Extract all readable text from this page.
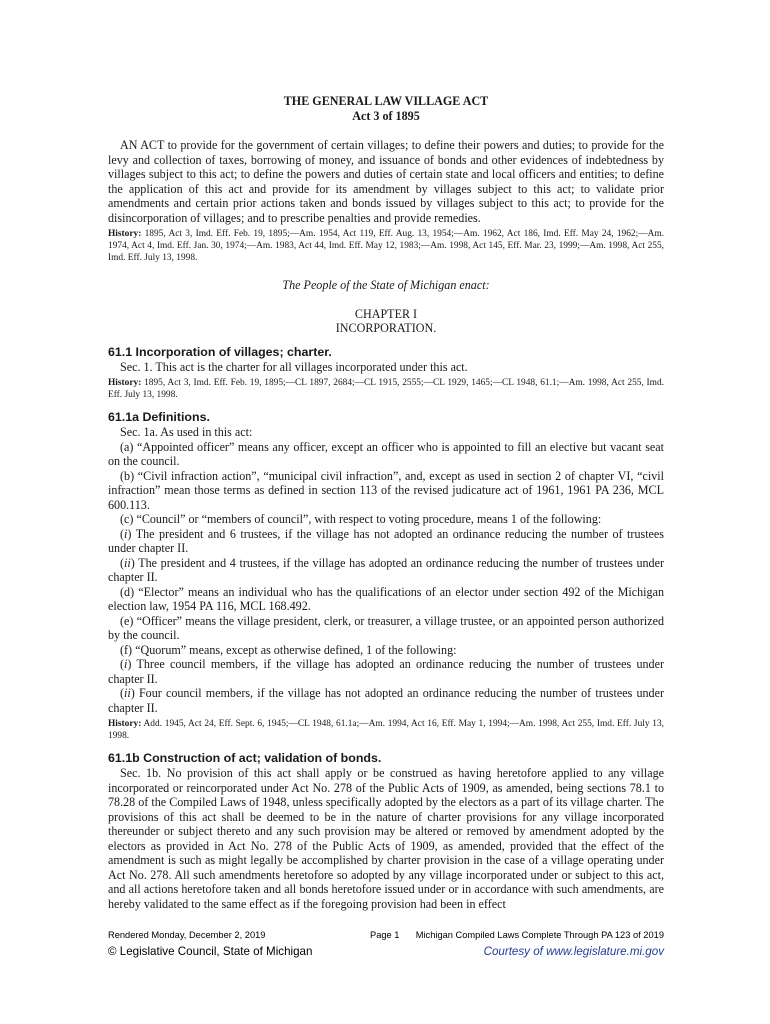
THE GENERAL LAW VILLAGE ACT
Act 3 of 1895

AN ACT to provide for the government of certain villages; to define their powers and duties; to provide for the levy and collection of taxes, borrowing of money, and issuance of bonds and other evidences of indebtedness by villages subject to this act; to define the powers and duties of certain state and local officers and entities; to define the application of this act and provide for its amendment by villages subject to this act; to validate prior amendments and certain prior actions taken and bonds issued by villages subject to this act; to provide for the disincorporation of villages; and to prescribe penalties and provide remedies.

History: 1895, Act 3, Imd. Eff. Feb. 19, 1895;—Am. 1954, Act 119, Eff. Aug. 13, 1954;—Am. 1962, Act 186, Imd. Eff. May 24, 1962;—Am. 1974, Act 4, Imd. Eff. Jan. 30, 1974;—Am. 1983, Act 44, Imd. Eff. May 12, 1983;—Am. 1998, Act 145, Eff. Mar. 23, 1999;—Am. 1998, Act 255, Imd. Eff. July 13, 1998.

The People of the State of Michigan enact:
CHAPTER I
INCORPORATION.
61.1 Incorporation of villages; charter.

Sec. 1. This act is the charter for all villages incorporated under this act.

History: 1895, Act 3, Imd. Eff. Feb. 19, 1895;—CL 1897, 2684;—CL 1915, 2555;—CL 1929, 1465;—CL 1948, 61.1;—Am. 1998, Act 255, Imd. Eff. July 13, 1998.

61.1a Definitions.

Sec. 1a. As used in this act:

(a) “Appointed officer” means any officer, except an officer who is appointed to fill an elective but vacant seat on the council.

(b) “Civil infraction action”, “municipal civil infraction”, and, except as used in section 2 of chapter VI, “civil infraction” mean those terms as defined in section 113 of the revised judicature act of 1961, 1961 PA 236, MCL 600.113.

(c) “Council” or “members of council”, with respect to voting procedure, means 1 of the following:

(i) The president and 6 trustees, if the village has not adopted an ordinance reducing the number of trustees under chapter II.

(ii) The president and 4 trustees, if the village has adopted an ordinance reducing the number of trustees under chapter II.

(d) “Elector” means an individual who has the qualifications of an elector under section 492 of the Michigan election law, 1954 PA 116, MCL 168.492.

(e) “Officer” means the village president, clerk, or treasurer, a village trustee, or an appointed person authorized by the council.

(f) “Quorum” means, except as otherwise defined, 1 of the following:

(i) Three council members, if the village has adopted an ordinance reducing the number of trustees under chapter II.

(ii) Four council members, if the village has not adopted an ordinance reducing the number of trustees under chapter II.

History: Add. 1945, Act 24, Eff. Sept. 6, 1945;—CL 1948, 61.1a;—Am. 1994, Act 16, Eff. May 1, 1994;—Am. 1998, Act 255, Imd. Eff. July 13, 1998.

61.1b Construction of act; validation of bonds.

Sec. 1b. No provision of this act shall apply or be construed as having heretofore applied to any village incorporated or reincorporated under Act No. 278 of the Public Acts of 1909, as amended, being sections 78.1 to 78.28 of the Compiled Laws of 1948, unless specifically adopted by the electors as a part of its village charter. The provisions of this act shall be deemed to be in the nature of charter provisions for any village incorporated thereunder or subject thereto and any such provision may be altered or removed by amendment adopted by the electors as provided in Act No. 278 of the Public Acts of 1909, as amended, provided that the effect of the amendment is such as might legally be accomplished by charter provision in the case of a village operating under Act No. 278. All such amendments heretofore so adopted by any village incorporated under or subject to this act, and all actions heretofore taken and all bonds heretofore issued under or in accordance with such amendments, are hereby validated to the same effect as if the foregoing provision had been in effect

Rendered Monday, December 2, 2019	Page 1 Michigan Compiled Laws Complete Through PA 123 of 2019
© Legislative Council, State of Michigan	Courtesy of www.legislature.mi.gov
